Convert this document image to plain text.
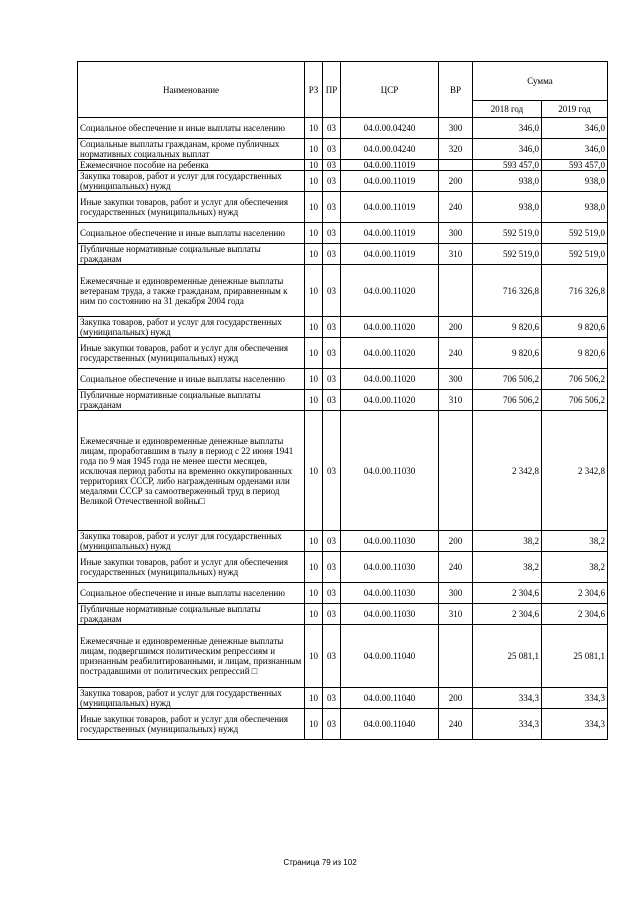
Наименование	РЗ	ПР	ЦСР	ВР	Сумма	
					2018 год	2019 год
Социальное обеспечение и иные выплаты населению	10	03	04.0.00.04240	300	346,0	346,0
Социальные выплаты гражданам, кроме публичных нормативных социальных выплат	10	03	04.0.00.04240	320	346,0	346,0
Ежемесячное пособие на ребенка	10	03	04.0.00.11019		593 457,0	593 457,0
Закупка товаров, работ и услуг для государственных (муниципальных) нужд	10	03	04.0.00.11019	200	938,0	938,0
Иные закупки товаров, работ и услуг для обеспечения государственных (муниципальных) нужд	10	03	04.0.00.11019	240	938,0	938,0
Социальное обеспечение и иные выплаты населению	10	03	04.0.00.11019	300	592 519,0	592 519,0
Публичные нормативные социальные выплаты гражданам	10	03	04.0.00.11019	310	592 519,0	592 519,0
Ежемесячные и единовременные денежные выплаты ветеранам труда, а также гражданам, приравненным к ним по состоянию на 31 декабря 2004 года	10	03	04.0.00.11020		716 326,8	716 326,8
Закупка товаров, работ и услуг для государственных (муниципальных) нужд	10	03	04.0.00.11020	200	9 820,6	9 820,6
Иные закупки товаров, работ и услуг для обеспечения государственных (муниципальных) нужд	10	03	04.0.00.11020	240	9 820,6	9 820,6
Социальное обеспечение и иные выплаты населению	10	03	04.0.00.11020	300	706 506,2	706 506,2
Публичные нормативные социальные выплаты гражданам	10	03	04.0.00.11020	310	706 506,2	706 506,2
Ежемесячные и единовременные денежные выплаты лицам, проработавшим в тылу в период с 22 июня 1941 года по 9 мая 1945 года не менее шести месяцев, исключая период работы на временно оккупированных территориях СССР, либо награжденным орденами или медалями СССР за самоотверженный труд в период Великой Отечественной войны□	10	03	04.0.00.11030		2 342,8	2 342,8
Закупка товаров, работ и услуг для государственных (муниципальных) нужд	10	03	04.0.00.11030	200	38,2	38,2
Иные закупки товаров, работ и услуг для обеспечения государственных (муниципальных) нужд	10	03	04.0.00.11030	240	38,2	38,2
Социальное обеспечение и иные выплаты населению	10	03	04.0.00.11030	300	2 304,6	2 304,6
Публичные нормативные социальные выплаты гражданам	10	03	04.0.00.11030	310	2 304,6	2 304,6
Ежемесячные и единовременные денежные выплаты лицам, подвергшимся политическим репрессиям и признанным реабилитированными, и лицам, признанным пострадавшими от политических репрессий □	10	03	04.0.00.11040		25 081,1	25 081,1
Закупка товаров, работ и услуг для государственных (муниципальных) нужд	10	03	04.0.00.11040	200	334,3	334,3
Иные закупки товаров, работ и услуг для обеспечения государственных (муниципальных) нужд	10	03	04.0.00.11040	240	334,3	334,3
Страница 79 из 102
